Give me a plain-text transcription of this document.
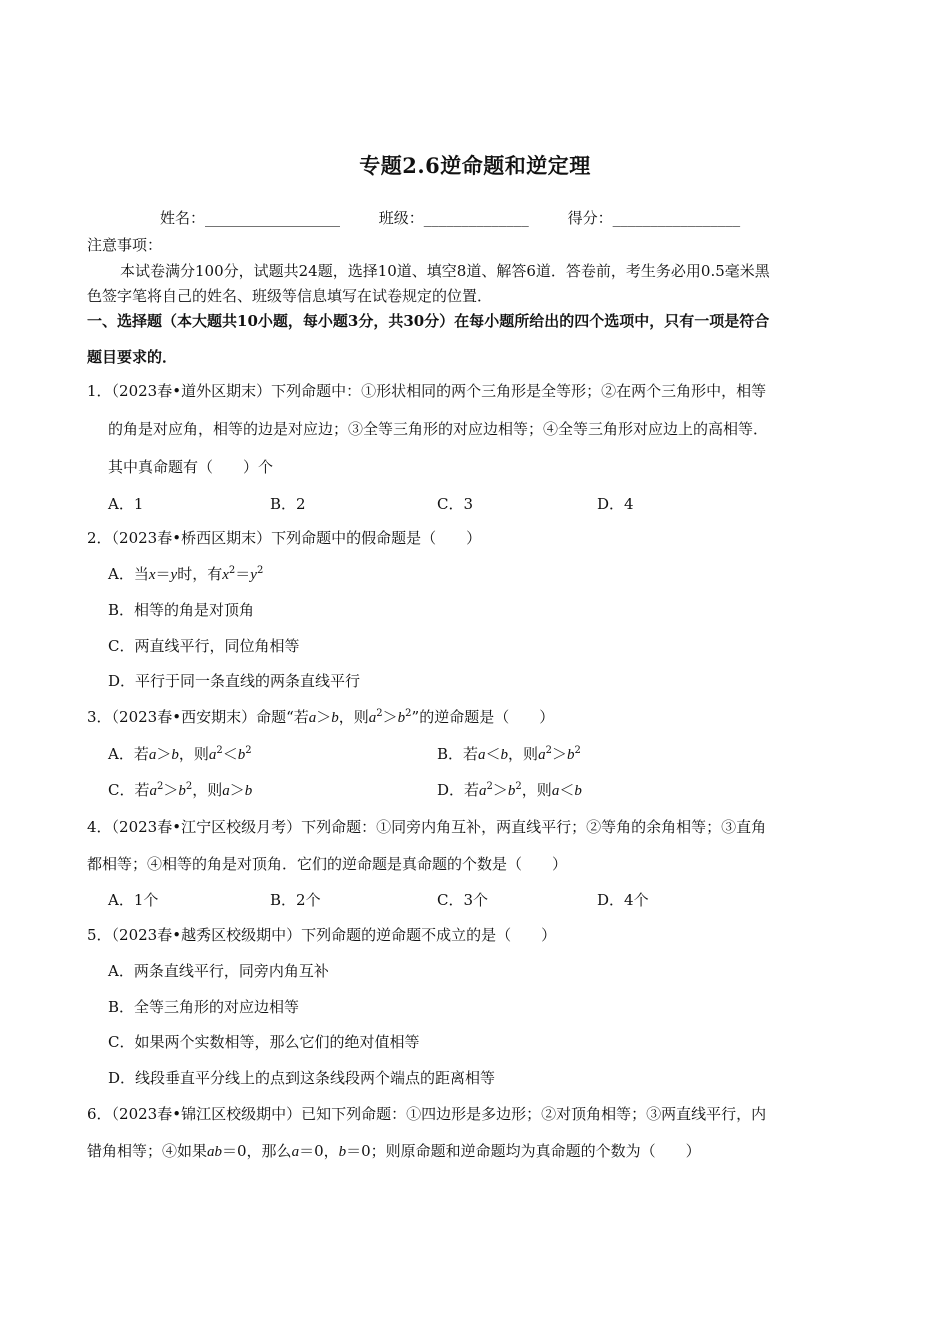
专题2.6逆命题和逆定理
姓名：__________________	班级：______________	得分：_________________
注意事项：
本试卷满分100分，试题共24题，选择10道、填空8道、解答6道．答卷前，考生务必用0.5毫米黑
色签字笔将自己的姓名、班级等信息填写在试卷规定的位置．
一、选择题（本大题共10小题，每小题3分，共30分）在每小题所给出的四个选项中，只有一项是符合
题目要求的．
1．（2023春•道外区期末）下列命题中：①形状相同的两个三角形是全等形；②在两个三角形中，相等
的角是对应角，相等的边是对应边；③全等三角形的对应边相等；④全等三角形对应边上的高相等．
其中真命题有（　　）个
A．1	B．2	C．3	D．4
2．（2023春•桥西区期末）下列命题中的假命题是（　　）
A．当x＝y时，有$x^2=y^2$
B．相等的角是对顶角
C．两直线平行，同位角相等
D．平行于同一条直线的两条直线平行
3．（2023春•西安期末）命题“若a＞b，则$a^2>b^2$”的逆命题是（　　）
A．若a＞b，则$a^2<b^2$	B．若a＜b，则$a^2>b^2$
C．若$a^2>b^2$，则a＞b	D．若$a^2>b^2$，则a＜b
4．（2023春•江宁区校级月考）下列命题：①同旁内角互补，两直线平行；②等角的余角相等；③直角
都相等；④相等的角是对顶角．它们的逆命题是真命题的个数是（　　）
A．1个	B．2个	C．3个	D．4个
5．（2023春•越秀区校级期中）下列命题的逆命题不成立的是（　　）
A．两条直线平行，同旁内角互补
B．全等三角形的对应边相等
C．如果两个实数相等，那么它们的绝对值相等
D．线段垂直平分线上的点到这条线段两个端点的距离相等
6．（2023春•锦江区校级期中）已知下列命题：①四边形是多边形；②对顶角相等；③两直线平行，内
错角相等；④如果ab＝0，那么a＝0，b＝0；则原命题和逆命题均为真命题的个数为（　　）
